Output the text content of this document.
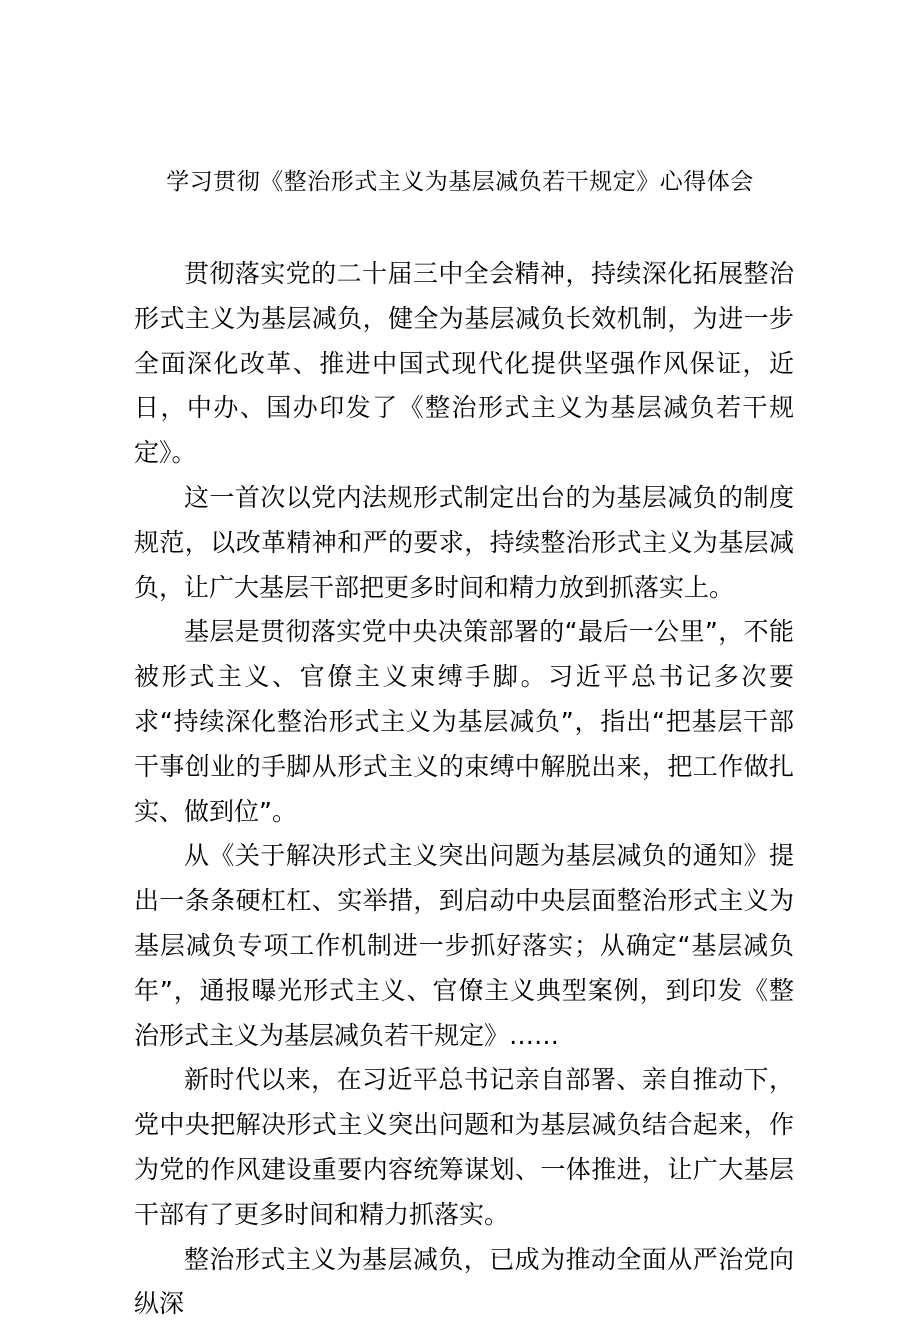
学习贯彻《整治形式主义为基层减负若干规定》心得体会

贯彻落实党的二十届三中全会精神，持续深化拓展整治形式主义为基层减负，健全为基层减负长效机制，为进一步全面深化改革、推进中国式现代化提供坚强作风保证，近日，中办、国办印发了《整治形式主义为基层减负若干规定》。

这一首次以党内法规形式制定出台的为基层减负的制度规范，以改革精神和严的要求，持续整治形式主义为基层减负，让广大基层干部把更多时间和精力放到抓落实上。

基层是贯彻落实党中央决策部署的“最后一公里”，不能被形式主义、官僚主义束缚手脚。习近平总书记多次要求“持续深化整治形式主义为基层减负”，指出“把基层干部干事创业的手脚从形式主义的束缚中解脱出来，把工作做扎实、做到位”。

从《关于解决形式主义突出问题为基层减负的通知》提出一条条硬杠杠、实举措，到启动中央层面整治形式主义为基层减负专项工作机制进一步抓好落实；从确定“基层减负年”，通报曝光形式主义、官僚主义典型案例，到印发《整治形式主义为基层减负若干规定》……

新时代以来，在习近平总书记亲自部署、亲自推动下，党中央把解决形式主义突出问题和为基层减负结合起来，作为党的作风建设重要内容统筹谋划、一体推进，让广大基层干部有了更多时间和精力抓落实。

整治形式主义为基层减负，已成为推动全面从严治党向纵深
